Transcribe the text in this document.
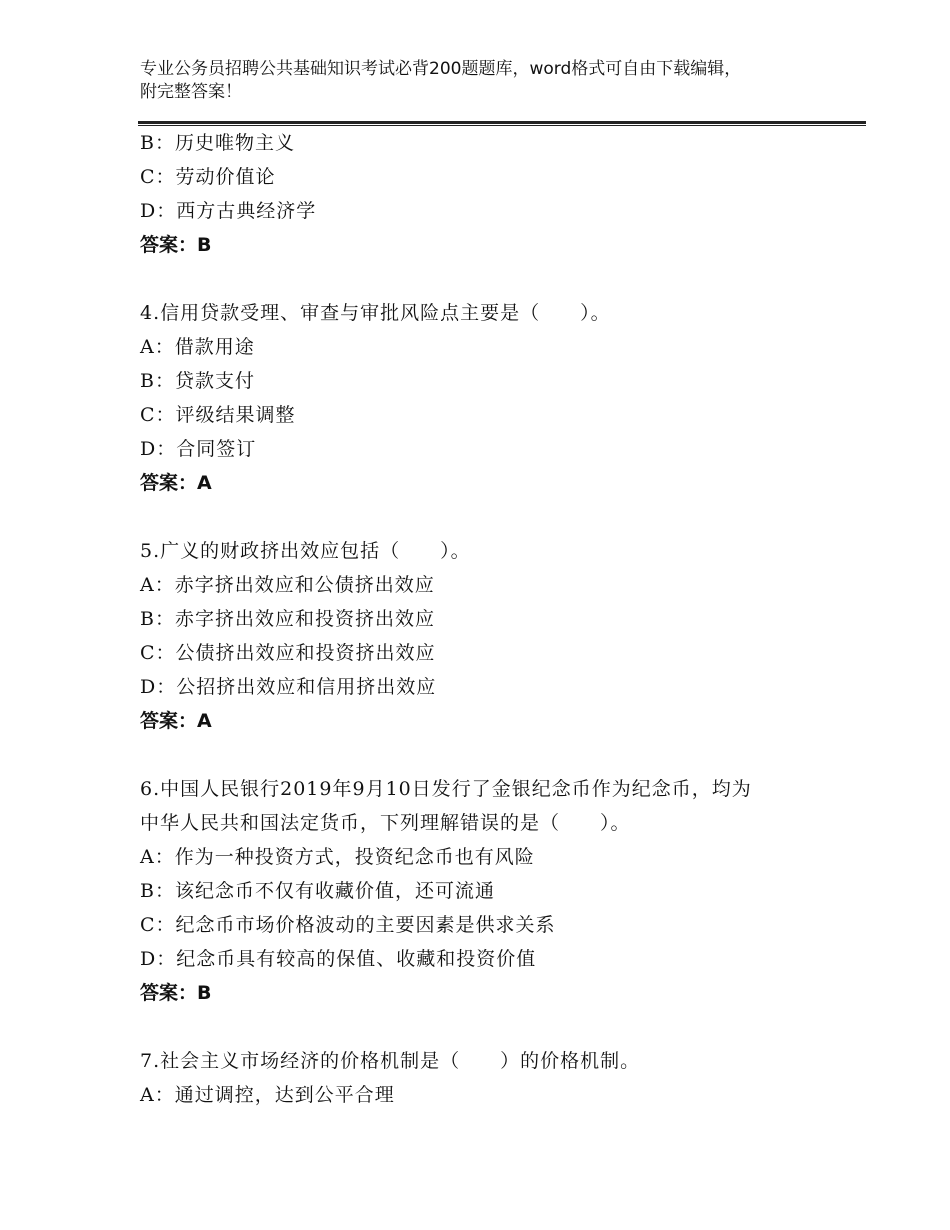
专业公务员招聘公共基础知识考试必背200题题库，word格式可自由下载编辑，
附完整答案！
B：历史唯物主义
C：劳动价值论
D：西方古典经济学
答案：B
4.信用贷款受理、审查与审批风险点主要是（　　）。
A：借款用途
B：贷款支付
C：评级结果调整
D：合同签订
答案：A
5.广义的财政挤出效应包括（　　）。
A：赤字挤出效应和公债挤出效应
B：赤字挤出效应和投资挤出效应
C：公债挤出效应和投资挤出效应
D：公招挤出效应和信用挤出效应
答案：A
6.中国人民银行2019年9月10日发行了金银纪念币作为纪念币，均为
中华人民共和国法定货币，下列理解错误的是（　　）。
A：作为一种投资方式，投资纪念币也有风险
B：该纪念币不仅有收藏价值，还可流通
C：纪念币市场价格波动的主要因素是供求关系
D：纪念币具有较高的保值、收藏和投资价值
答案：B
7.社会主义市场经济的价格机制是（　　）的价格机制。
A：通过调控，达到公平合理
